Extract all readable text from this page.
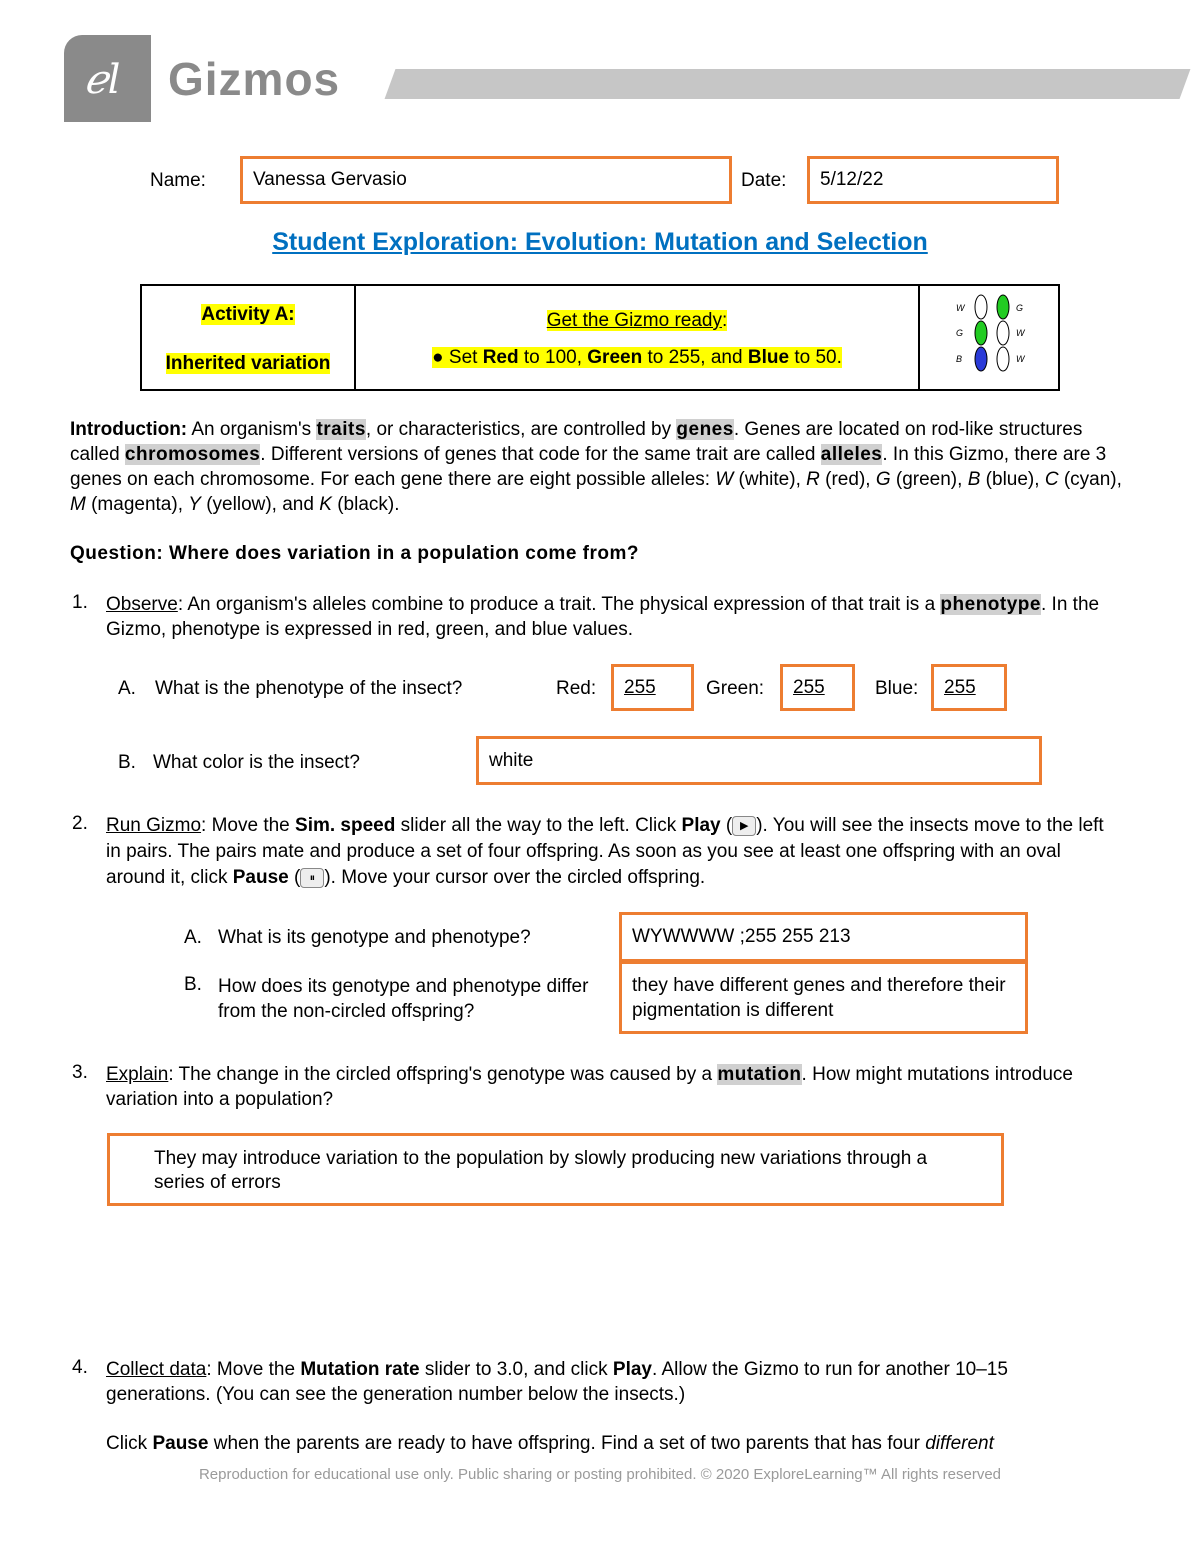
ℯl Gizmos
Name:	Vanessa Gervasio	Date:	5/12/22
Student Exploration: Evolution: Mutation and Selection
Activity A:
Inherited variation
Get the Gizmo ready:
● Set Red to 100, Green to 255, and Blue to 50.
W
G
B
G
W
W
Introduction: An organism's traits, or characteristics, are controlled by genes. Genes are located on rod-like structures called chromosomes. Different versions of genes that code for the same trait are called alleles. In this Gizmo, there are 3 genes on each chromosome. For each gene there are eight possible alleles: W (white), R (red), G (green), B (blue), C (cyan), M (magenta), Y (yellow), and K (black).
Question: Where does variation in a population come from?
1. Observe: An organism's alleles combine to produce a trait. The physical expression of that trait is a phenotype. In the Gizmo, phenotype is expressed in red, green, and blue values.
A. What is the phenotype of the insect?	Red:	255	Green:	255	Blue:	255
B. What color is the insect?	white
2. Run Gizmo: Move the Sim. speed slider all the way to the left. Click Play ( ▶ ). You will see the insects move to the left in pairs. The pairs mate and produce a set of four offspring. As soon as you see at least one offspring with an oval around it, click Pause ( ⏸ ). Move your cursor over the circled offspring.
A. What is its genotype and phenotype?	WYWWWW ;255 255 213
B. How does its genotype and phenotype differ from the non-circled offspring?
they have different genes and therefore their pigmentation is different
3. Explain: The change in the circled offspring's genotype was caused by a mutation. How might mutations introduce variation into a population?
They may introduce variation to the population by slowly producing new variations through a series of errors
4. Collect data: Move the Mutation rate slider to 3.0, and click Play. Allow the Gizmo to run for another 10–15 generations. (You can see the generation number below the insects.)
Click Pause when the parents are ready to have offspring. Find a set of two parents that has four different
Reproduction for educational use only. Public sharing or posting prohibited. © 2020 ExploreLearning™ All rights reserved
